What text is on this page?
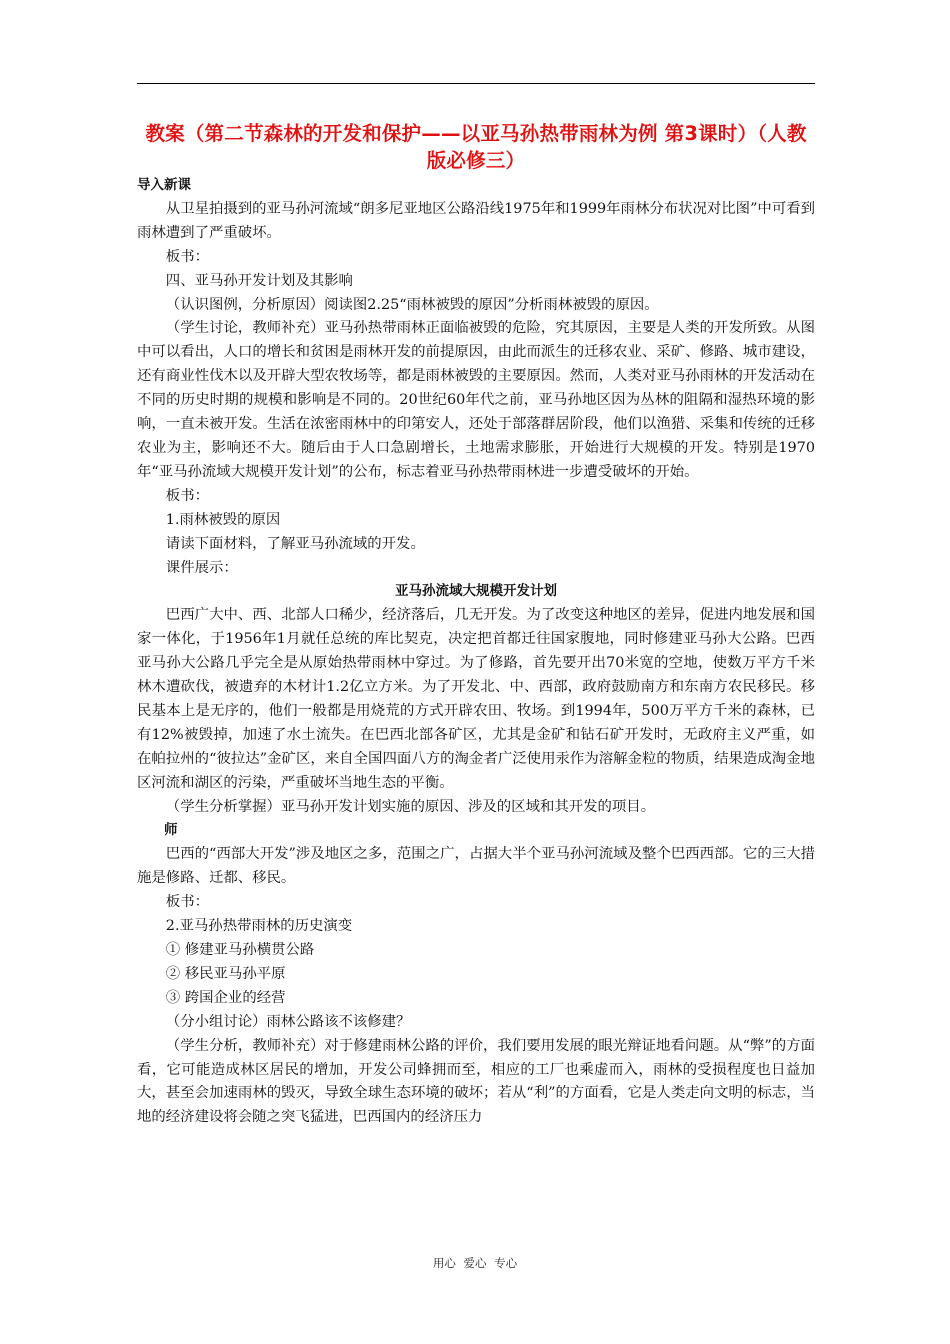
教案（第二节森林的开发和保护——以亚马孙热带雨林为例 第3课时）（人教版必修三）

导入新课

从卫星拍摄到的亚马孙河流域“朗多尼亚地区公路沿线1975年和1999年雨林分布状况对比图”中可看到雨林遭到了严重破坏。

板书：

四、亚马孙开发计划及其影响

（认识图例，分析原因）阅读图2.25“雨林被毁的原因”分析雨林被毁的原因。

（学生讨论，教师补充）亚马孙热带雨林正面临被毁的危险，究其原因，主要是人类的开发所致。从图中可以看出，人口的增长和贫困是雨林开发的前提原因，由此而派生的迁移农业、采矿、修路、城市建设，还有商业性伐木以及开辟大型农牧场等，都是雨林被毁的主要原因。然而，人类对亚马孙雨林的开发活动在不同的历史时期的规模和影响是不同的。20世纪60年代之前，亚马孙地区因为丛林的阻隔和湿热环境的影响，一直未被开发。生活在浓密雨林中的印第安人，还处于部落群居阶段，他们以渔猎、采集和传统的迁移农业为主，影响还不大。随后由于人口急剧增长，土地需求膨胀，开始进行大规模的开发。特别是1970年“亚马孙流域大规模开发计划”的公布，标志着亚马孙热带雨林进一步遭受破坏的开始。

板书：

1.雨林被毁的原因

请读下面材料，了解亚马孙流域的开发。

课件展示：

亚马孙流域大规模开发计划

巴西广大中、西、北部人口稀少，经济落后，几无开发。为了改变这种地区的差异，促进内地发展和国家一体化，于1956年1月就任总统的库比契克，决定把首都迁往国家腹地，同时修建亚马孙大公路。巴西亚马孙大公路几乎完全是从原始热带雨林中穿过。为了修路，首先要开出70米宽的空地，使数万平方千米林木遭砍伐，被遗弃的木材计1.2亿立方米。为了开发北、中、西部，政府鼓励南方和东南方农民移民。移民基本上是无序的，他们一般都是用烧荒的方式开辟农田、牧场。到1994年，500万平方千米的森林，已有12%被毁掉，加速了水土流失。在巴西北部各矿区，尤其是金矿和钻石矿开发时，无政府主义严重，如在帕拉州的“彼拉达”金矿区，来自全国四面八方的淘金者广泛使用汞作为溶解金粒的物质，结果造成淘金地区河流和湖区的污染，严重破坏当地生态的平衡。

（学生分析掌握）亚马孙开发计划实施的原因、涉及的区域和其开发的项目。

师

巴西的“西部大开发”涉及地区之多，范围之广，占据大半个亚马孙河流域及整个巴西西部。它的三大措施是修路、迁都、移民。

板书：

2.亚马孙热带雨林的历史演变

① 修建亚马孙横贯公路

② 移民亚马孙平原

③ 跨国企业的经营

（分小组讨论）雨林公路该不该修建？

（学生分析，教师补充）对于修建雨林公路的评价，我们要用发展的眼光辩证地看问题。从“弊”的方面看，它可能造成林区居民的增加，开发公司蜂拥而至，相应的工厂也乘虚而入，雨林的受损程度也日益加大，甚至会加速雨林的毁灭，导致全球生态环境的破坏；若从“利”的方面看，它是人类走向文明的标志，当地的经济建设将会随之突飞猛进，巴西国内的经济压力

用心 爱心 专心
